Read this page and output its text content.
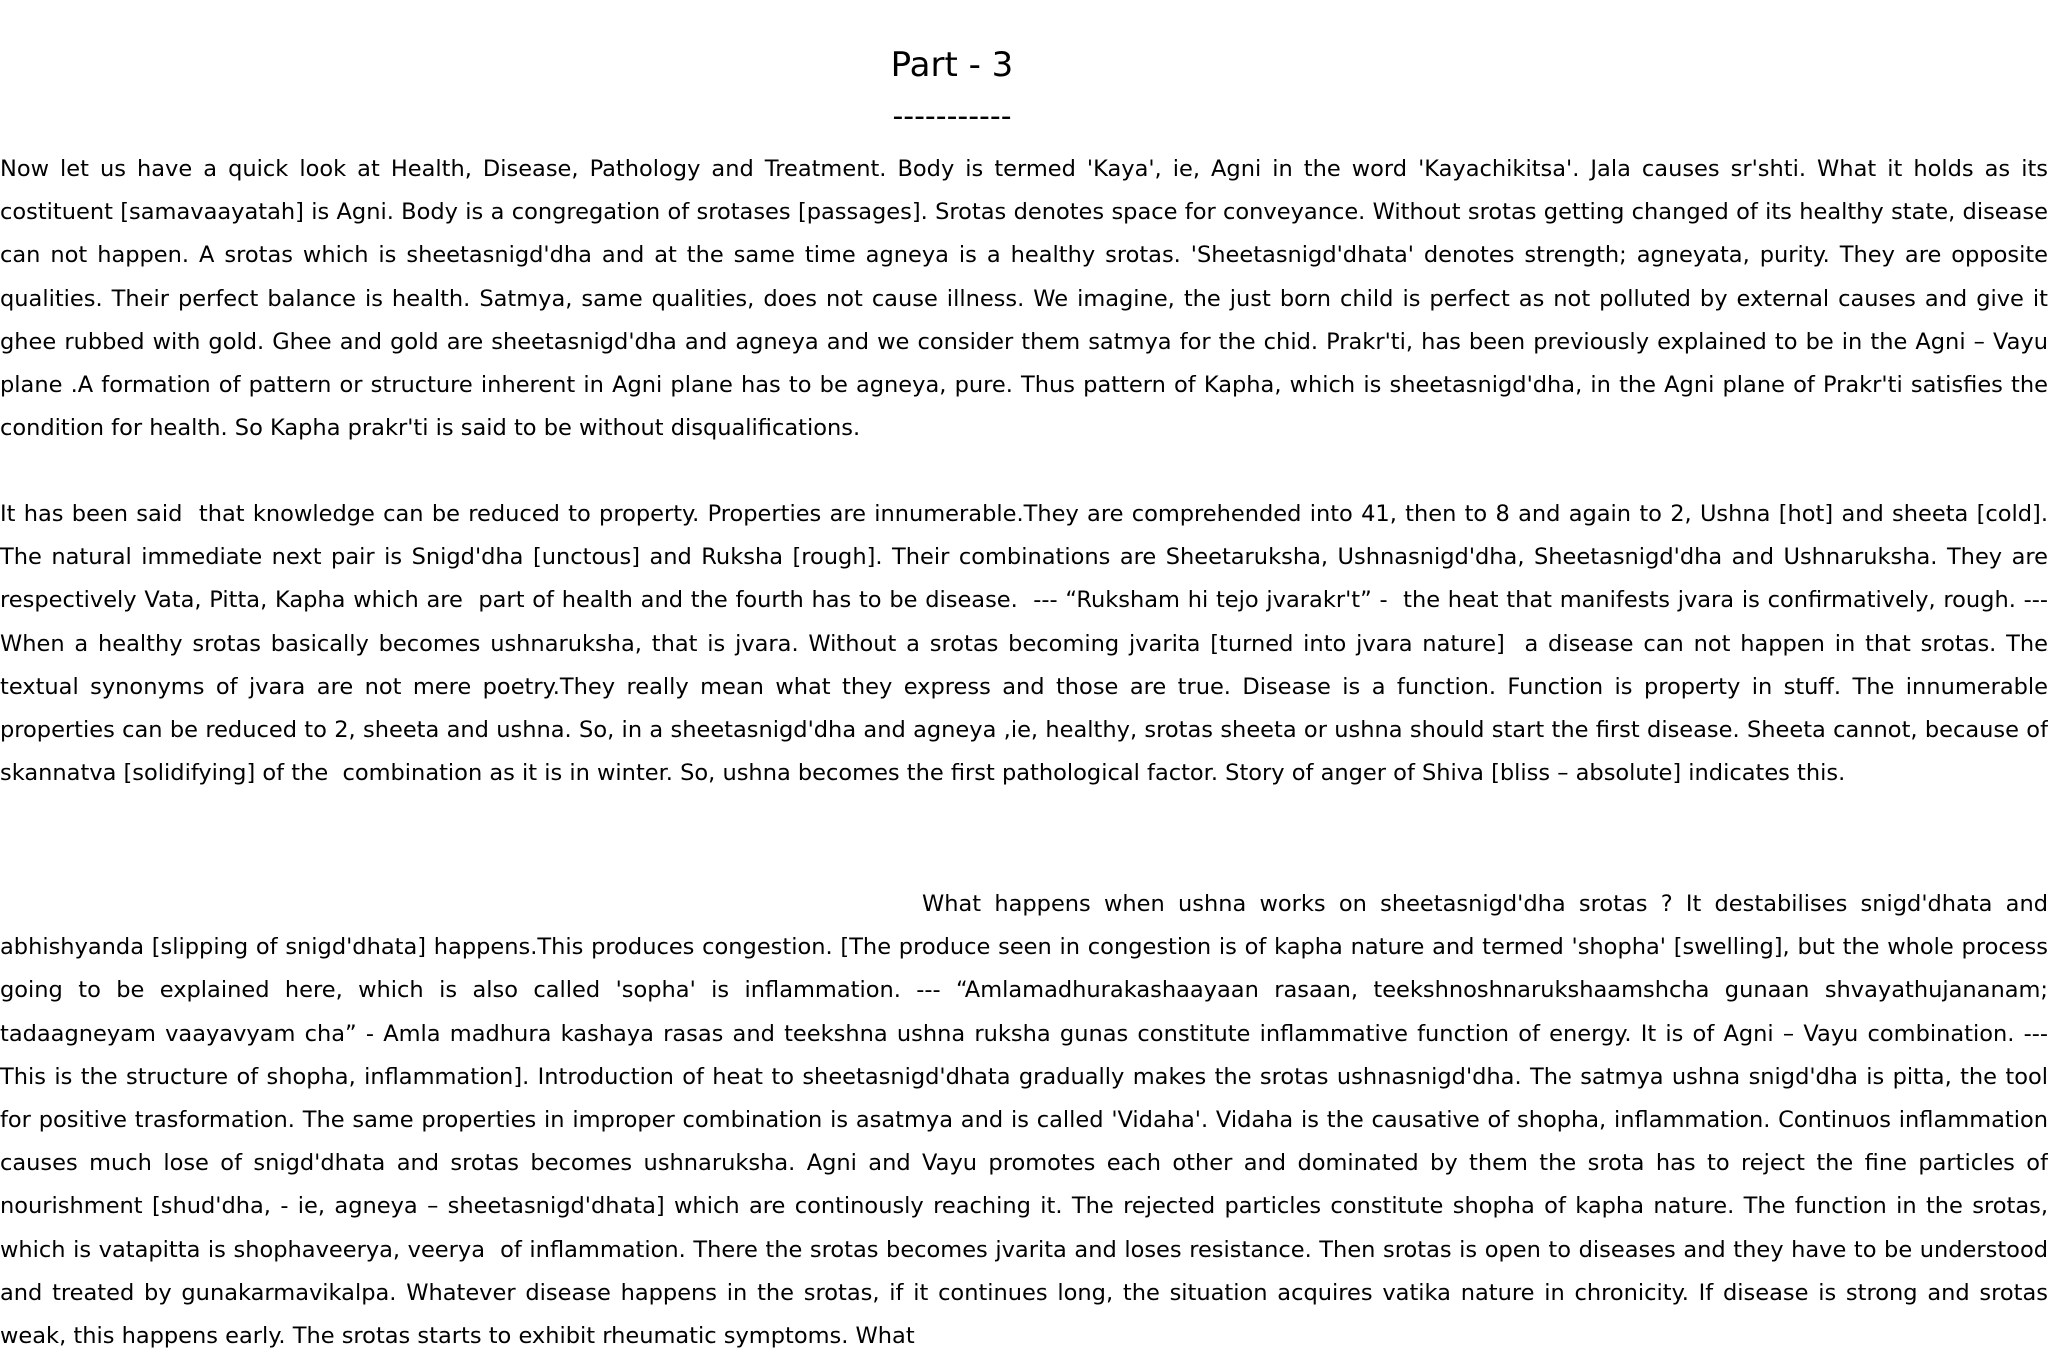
Part - 3
-----------

Now let us have a quick look at Health, Disease, Pathology and Treatment. Body is termed 'Kaya', ie, Agni in the word 'Kayachikitsa'. Jala causes sr'shti. What it holds as its costituent [samavaayatah] is Agni. Body is a congregation of srotases [passages]. Srotas denotes space for conveyance. Without srotas getting changed of its healthy state, disease can not happen. A srotas which is sheetasnigd'dha and at the same time agneya is a healthy srotas. 'Sheetasnigd'dhata' denotes strength; agneyata, purity. They are opposite qualities. Their perfect balance is health. Satmya, same qualities, does not cause illness. We imagine, the just born child is perfect as not polluted by external causes and give it ghee rubbed with gold. Ghee and gold are sheetasnigd'dha and agneya and we consider them satmya for the chid. Prakr'ti, has been previously explained to be in the Agni – Vayu plane .A formation of pattern or structure inherent in Agni plane has to be agneya, pure. Thus pattern of Kapha, which is sheetasnigd'dha, in the Agni plane of Prakr'ti satisfies the condition for health. So Kapha prakr'ti is said to be without disqualifications.

It has been said  that knowledge can be reduced to property. Properties are innumerable.They are comprehended into 41, then to 8 and again to 2, Ushna [hot] and sheeta [cold]. The natural immediate next pair is Snigd'dha [unctous] and Ruksha [rough]. Their combinations are Sheetaruksha, Ushnasnigd'dha, Sheetasnigd'dha and Ushnaruksha. They are respectively Vata, Pitta, Kapha which are  part of health and the fourth has to be disease.  --- “Ruksham hi tejo jvarakr't” -  the heat that manifests jvara is confirmatively, rough. ---  When a healthy srotas basically becomes ushnaruksha, that is jvara. Without a srotas becoming jvarita [turned into jvara nature]  a disease can not happen in that srotas. The textual synonyms of jvara are not mere poetry.They really mean what they express and those are true. Disease is a function. Function is property in stuff. The innumerable properties can be reduced to 2, sheeta and ushna. So, in a sheetasnigd'dha and agneya ,ie, healthy, srotas sheeta or ushna should start the first disease. Sheeta cannot, because of skannatva [solidifying] of the  combination as it is in winter. So, ushna becomes the first pathological factor. Story of anger of Shiva [bliss – absolute] indicates this.

What happens when ushna works on sheetasnigd'dha srotas ? It destabilises snigd'dhata and abhishyanda [slipping of snigd'dhata] happens.This produces congestion. [The produce seen in congestion is of kapha nature and termed 'shopha' [swelling], but the whole process going to be explained here, which is also called 'sopha' is inflammation. --- “Amlamadhurakashaayaan rasaan, teekshnoshnarukshaamshcha gunaan shvayathujananam; tadaagneyam vaayavyam cha” - Amla madhura kashaya rasas and teekshna ushna ruksha gunas constitute inflammative function of energy. It is of Agni – Vayu combination. ---  This is the structure of shopha, inflammation]. Introduction of heat to sheetasnigd'dhata gradually makes the srotas ushnasnigd'dha. The satmya ushna snigd'dha is pitta, the tool for positive trasformation. The same properties in improper combination is asatmya and is called 'Vidaha'. Vidaha is the causative of shopha, inflammation. Continuos inflammation causes much lose of snigd'dhata and srotas becomes ushnaruksha. Agni and Vayu promotes each other and dominated by them the srota has to reject the fine particles of nourishment [shud'dha, - ie, agneya – sheetasnigd'dhata] which are continously reaching it. The rejected particles constitute shopha of kapha nature. The function in the srotas, which is vatapitta is shophaveerya, veerya  of inflammation. There the srotas becomes jvarita and loses resistance. Then srotas is open to diseases and they have to be understood and treated by gunakarmavikalpa. Whatever disease happens in the srotas, if it continues long, the situation acquires vatika nature in chronicity. If disease is strong and srotas weak, this happens early. The srotas starts to exhibit rheumatic symptoms. What
